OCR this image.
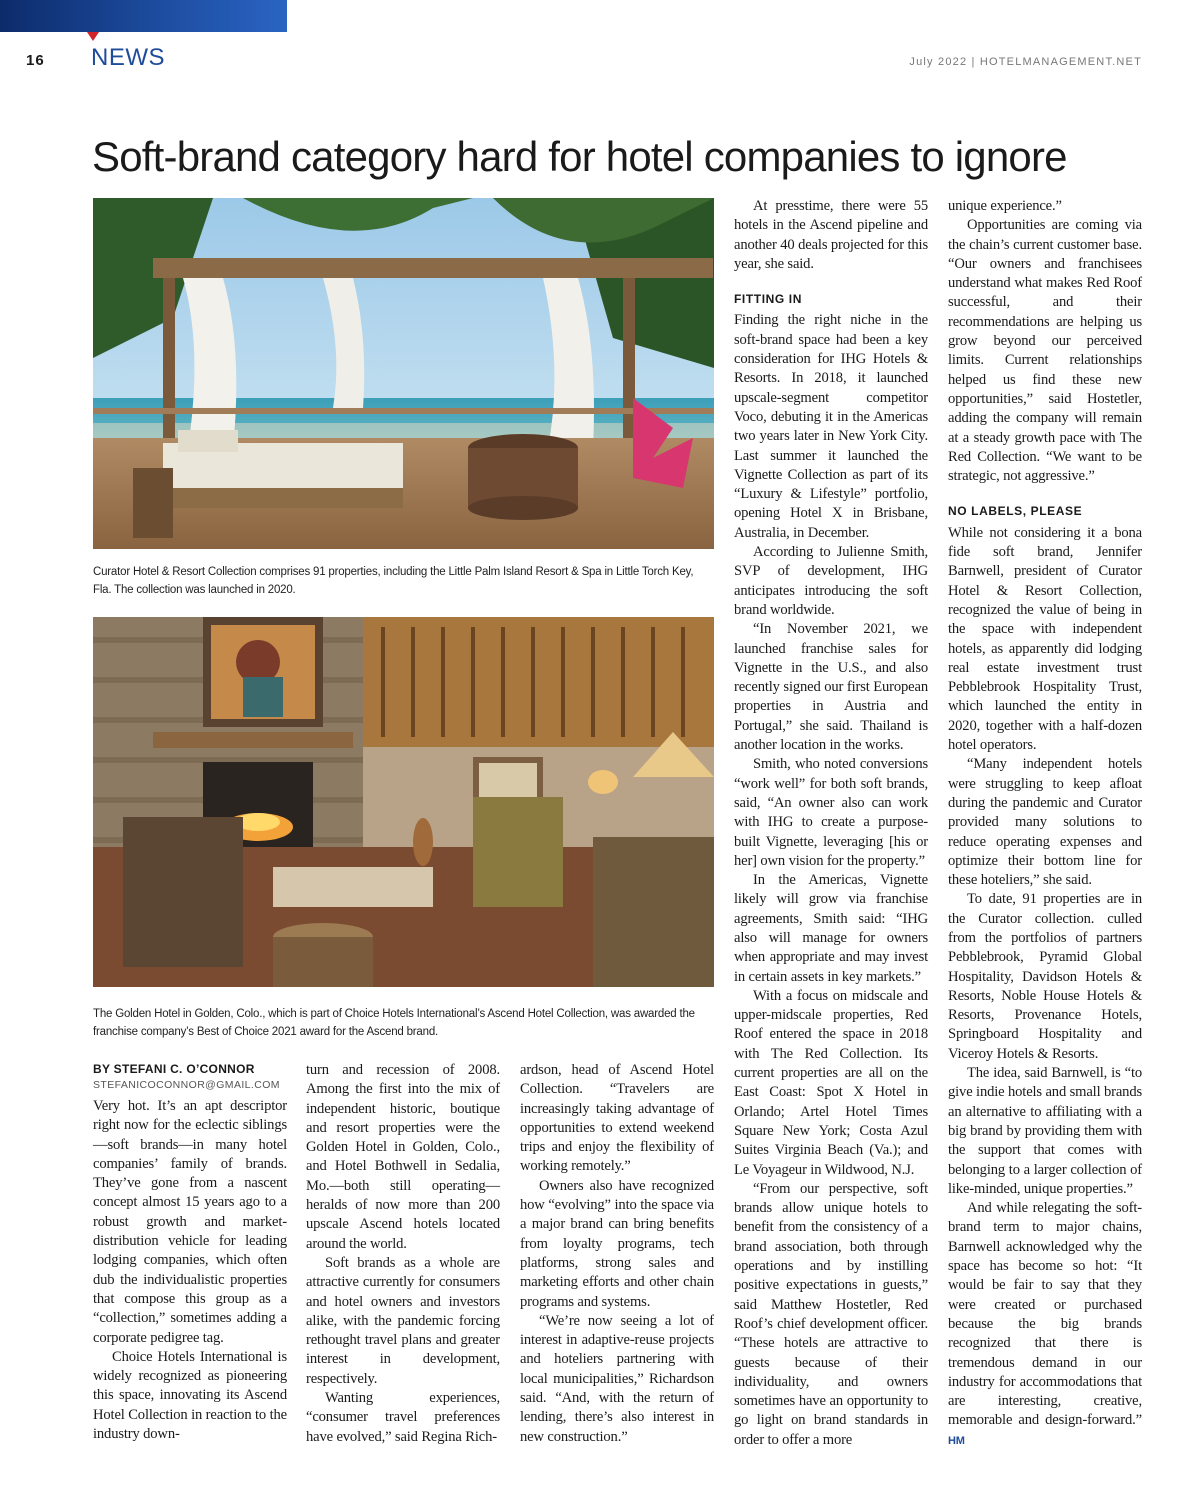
16 NEWS	July 2022 | HOTELMANAGEMENT.NET
Soft-brand category hard for hotel companies to ignore
Curator Hotel & Resort Collection comprises 91 properties, including the Little Palm Island Resort & Spa in Little Torch Key, Fla. The collection was launched in 2020.
The Golden Hotel in Golden, Colo., which is part of Choice Hotels International’s Ascend Hotel Collection, was awarded the franchise company’s Best of Choice 2021 award for the Ascend brand.
BY STEFANI C. O’CONNOR
STEFANICOCONNOR@GMAIL.COM

Very hot. It’s an apt descriptor right now for the eclectic siblings—soft brands—in many hotel companies’ family of brands. They’ve gone from a nascent concept almost 15 years ago to a robust growth and market-distribution vehicle for leading lodging companies, which often dub the individualistic properties that compose this group as a “collection,” sometimes adding a corporate pedigree tag.

Choice Hotels International is widely recognized as pioneering this space, innovating its Ascend Hotel Collection in reaction to the industry down-

turn and recession of 2008. Among the first into the mix of independent historic, boutique and resort properties were the Golden Hotel in Golden, Colo., and Hotel Bothwell in Sedalia, Mo.—both still operating—heralds of now more than 200 upscale Ascend hotels located around the world.

Soft brands as a whole are attractive currently for consumers and hotel owners and investors alike, with the pandemic forcing rethought travel plans and greater interest in development, respectively.

Wanting experiences, “consumer travel preferences have evolved,” said Regina Rich-

ardson, head of Ascend Hotel Collection. “Travelers are increasingly taking advantage of opportunities to extend weekend trips and enjoy the flexibility of working remotely.”

Owners also have recognized how “evolving” into the space via a major brand can bring benefits from loyalty programs, tech platforms, strong sales and marketing efforts and other chain programs and systems.

“We’re now seeing a lot of interest in adaptive-reuse projects and hoteliers partnering with local municipalities,” Richardson said. “And, with the return of lending, there’s also interest in new construction.”

At presstime, there were 55 hotels in the Ascend pipeline and another 40 deals projected for this year, she said.

FITTING IN

Finding the right niche in the soft-brand space had been a key consideration for IHG Hotels & Resorts. In 2018, it launched upscale-segment competitor Voco, debuting it in the Americas two years later in New York City. Last summer it launched the Vignette Collection as part of its “Luxury & Lifestyle” portfolio, opening Hotel X in Brisbane, Australia, in December.

According to Julienne Smith, SVP of development, IHG anticipates introducing the soft brand worldwide.

“In November 2021, we launched franchise sales for Vignette in the U.S., and also recently signed our first European properties in Austria and Portugal,” she said. Thailand is another location in the works.

Smith, who noted conversions “work well” for both soft brands, said, “An owner also can work with IHG to create a purpose-built Vignette, leveraging [his or her] own vision for the property.”

In the Americas, Vignette likely will grow via franchise agreements, Smith said: “IHG also will manage for owners when appropriate and may invest in certain assets in key markets.”

With a focus on midscale and upper-midscale properties, Red Roof entered the space in 2018 with The Red Collection. Its current properties are all on the East Coast: Spot X Hotel in Orlando; Artel Hotel Times Square New York; Costa Azul Suites Virginia Beach (Va.); and Le Voyageur in Wildwood, N.J.

“From our perspective, soft brands allow unique hotels to benefit from the consistency of a brand association, both through operations and by instilling positive expectations in guests,” said Matthew Hostetler, Red Roof’s chief development officer. “These hotels are attractive to guests because of their individuality, and owners sometimes have an opportunity to go light on brand standards in order to offer a more

unique experience.”

Opportunities are coming via the chain’s current customer base. “Our owners and franchisees understand what makes Red Roof successful, and their recommendations are helping us grow beyond our perceived limits. Current relationships helped us find these new opportunities,” said Hostetler, adding the company will remain at a steady growth pace with The Red Collection. “We want to be strategic, not aggressive.”

NO LABELS, PLEASE

While not considering it a bona fide soft brand, Jennifer Barnwell, president of Curator Hotel & Resort Collection, recognized the value of being in the space with independent hotels, as apparently did lodging real estate investment trust Pebblebrook Hospitality Trust, which launched the entity in 2020, together with a half-dozen hotel operators.

“Many independent hotels were struggling to keep afloat during the pandemic and Curator provided many solutions to reduce operating expenses and optimize their bottom line for these hoteliers,” she said.

To date, 91 properties are in the Curator collection. culled from the portfolios of partners Pebblebrook, Pyramid Global Hospitality, Davidson Hotels & Resorts, Noble House Hotels & Resorts, Provenance Hotels, Springboard Hospitality and Viceroy Hotels & Resorts.

The idea, said Barnwell, is “to give indie hotels and small brands an alternative to affiliating with a big brand by providing them with the support that comes with belonging to a larger collection of like-minded, unique properties.”

And while relegating the soft-brand term to major chains, Barnwell acknowledged why the space has become so hot: “It would be fair to say that they were created or purchased because the big brands recognized that there is tremendous demand in our industry for accommodations that are interesting, creative, memorable and design-forward.” HM
